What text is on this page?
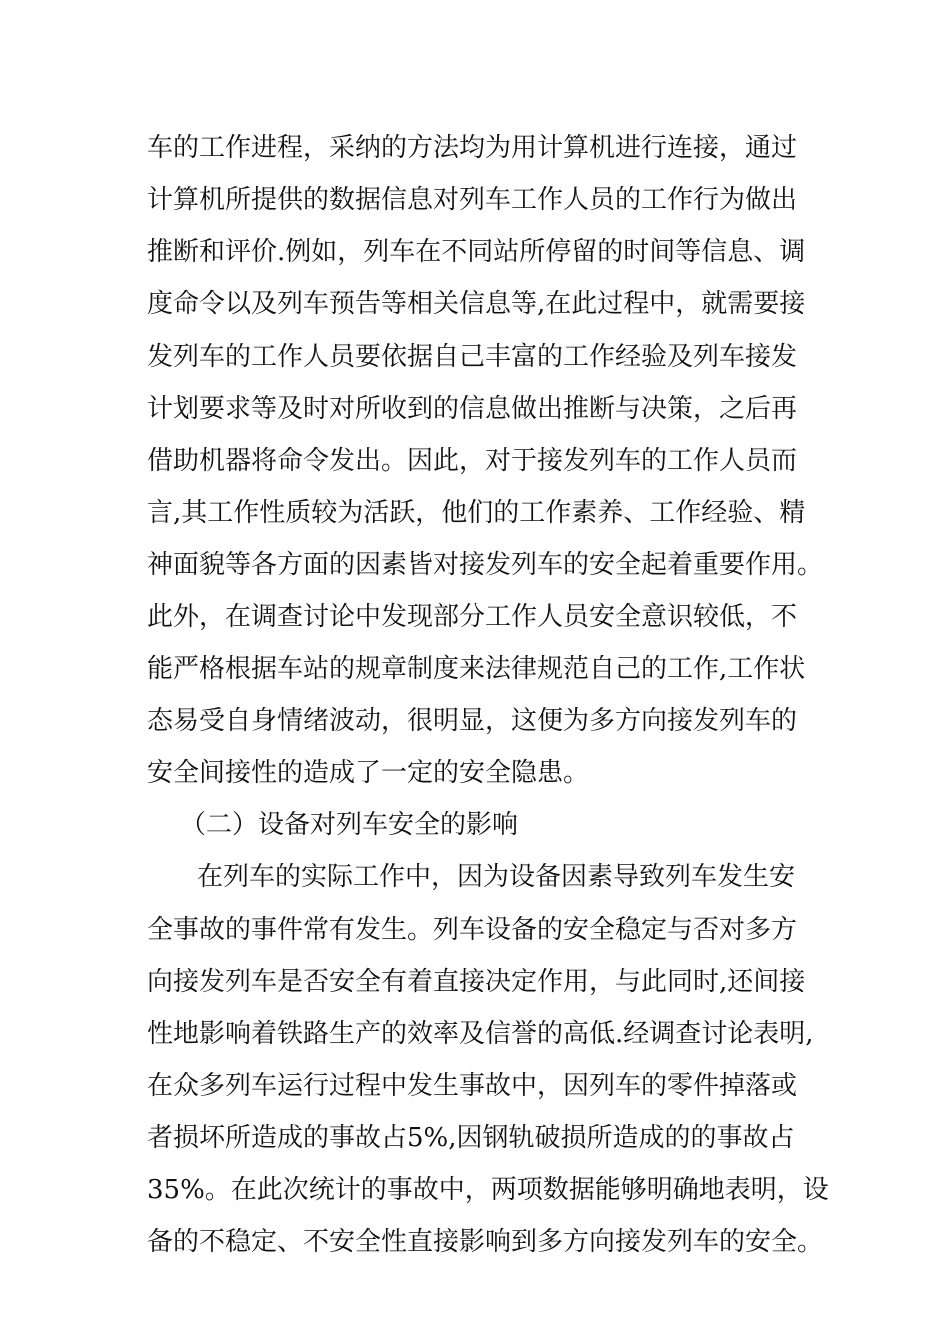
车的工作进程，采纳的方法均为用计算机进行连接，通过
计算机所提供的数据信息对列车工作人员的工作行为做出
推断和评价.例如，列车在不同站所停留的时间等信息、调
度命令以及列车预告等相关信息等,在此过程中，就需要接
发列车的工作人员要依据自己丰富的工作经验及列车接发
计划要求等及时对所收到的信息做出推断与决策，之后再
借助机器将命令发出。因此，对于接发列车的工作人员而
言,其工作性质较为活跃，他们的工作素养、工作经验、精
神面貌等各方面的因素皆对接发列车的安全起着重要作用。
此外，在调查讨论中发现部分工作人员安全意识较低，不
能严格根据车站的规章制度来法律规范自己的工作,工作状
态易受自身情绪波动，很明显，这便为多方向接发列车的
安全间接性的造成了一定的安全隐患。
（二）设备对列车安全的影响
在列车的实际工作中，因为设备因素导致列车发生安
全事故的事件常有发生。列车设备的安全稳定与否对多方
向接发列车是否安全有着直接决定作用，与此同时,还间接
性地影响着铁路生产的效率及信誉的高低.经调查讨论表明,
在众多列车运行过程中发生事故中，因列车的零件掉落或
者损坏所造成的事故占5%,因钢轨破损所造成的的事故占
35%。在此次统计的事故中，两项数据能够明确地表明，设
备的不稳定、不安全性直接影响到多方向接发列车的安全。
